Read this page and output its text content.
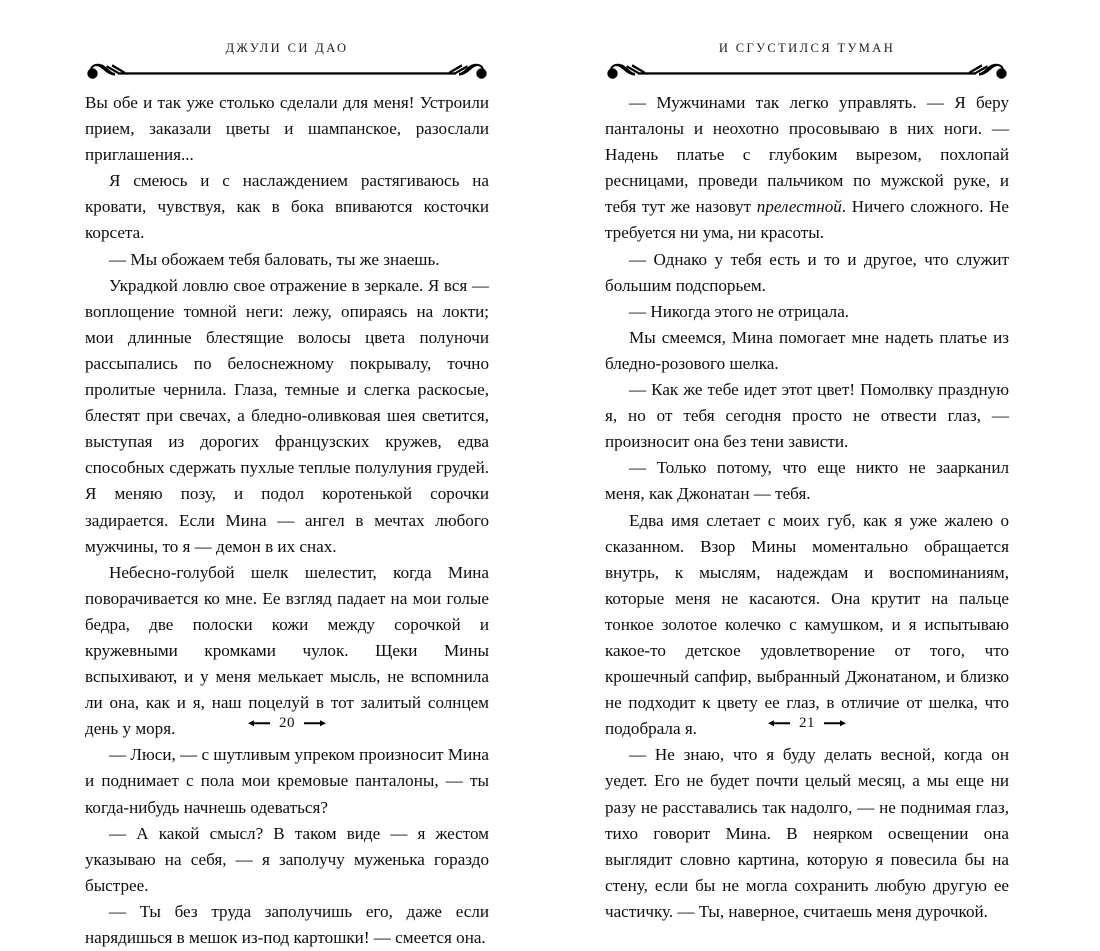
ДЖУЛИ СИ ДАО

Вы обе и так уже столько сделали для меня! Устроили прием, заказали цветы и шампанское, разослали приглашения...

Я смеюсь и с наслаждением растягиваюсь на кровати, чувствуя, как в бока впиваются косточки корсета.

— Мы обожаем тебя баловать, ты же знаешь.

Украдкой ловлю свое отражение в зеркале. Я вся — воплощение томной неги: лежу, опираясь на локти; мои длинные блестящие волосы цвета полуночи рассыпались по белоснежному покрывалу, точно пролитые чернила. Глаза, темные и слегка раскосые, блестят при свечах, а бледно-оливковая шея светится, выступая из дорогих французских кружев, едва способных сдержать пухлые теплые полулуния грудей. Я меняю позу, и подол коротенькой сорочки задирается. Если Мина — ангел в мечтах любого мужчины, то я — демон в их снах.

Небесно-голубой шелк шелестит, когда Мина поворачивается ко мне. Ее взгляд падает на мои голые бедра, две полоски кожи между сорочкой и кружевными кромками чулок. Щеки Мины вспыхивают, и у меня мелькает мысль, не вспомнила ли она, как и я, наш поцелуй в тот залитый солнцем день у моря.

— Люси, — с шутливым упреком произносит Мина и поднимает с пола мои кремовые панталоны, — ты когда-нибудь начнешь одеваться?

— А какой смысл? В таком виде — я жестом указываю на себя, — я заполучу муженька гораздо быстрее.

— Ты без труда заполучишь его, даже если нарядишься в мешок из-под картошки! — смеется она.

20
И СГУСТИЛСЯ ТУМАН

— Мужчинами так легко управлять. — Я беру панталоны и неохотно просовываю в них ноги. — Надень платье с глубоким вырезом, похлопай ресницами, проведи пальчиком по мужской руке, и тебя тут же назовут прелестной. Ничего сложного. Не требуется ни ума, ни красоты.

— Однако у тебя есть и то и другое, что служит большим подспорьем.

— Никогда этого не отрицала.

Мы смеемся, Мина помогает мне надеть платье из бледно-розового шелка.

— Как же тебе идет этот цвет! Помолвку праздную я, но от тебя сегодня просто не отвести глаз, — произносит она без тени зависти.

— Только потому, что еще никто не заарканил меня, как Джонатан — тебя.

Едва имя слетает с моих губ, как я уже жалею о сказанном. Взор Мины моментально обращается внутрь, к мыслям, надеждам и воспоминаниям, которые меня не касаются. Она крутит на пальце тонкое золотое колечко с камушком, и я испытываю какое-то детское удовлетворение от того, что крошечный сапфир, выбранный Джонатаном, и близко не подходит к цвету ее глаз, в отличие от шелка, что подобрала я.

— Не знаю, что я буду делать весной, когда он уедет. Его не будет почти целый месяц, а мы еще ни разу не расставались так надолго, — не поднимая глаз, тихо говорит Мина. В неярком освещении она выглядит словно картина, которую я повесила бы на стену, если бы не могла сохранить любую другую ее частичку. — Ты, наверное, считаешь меня дурочкой.

21
